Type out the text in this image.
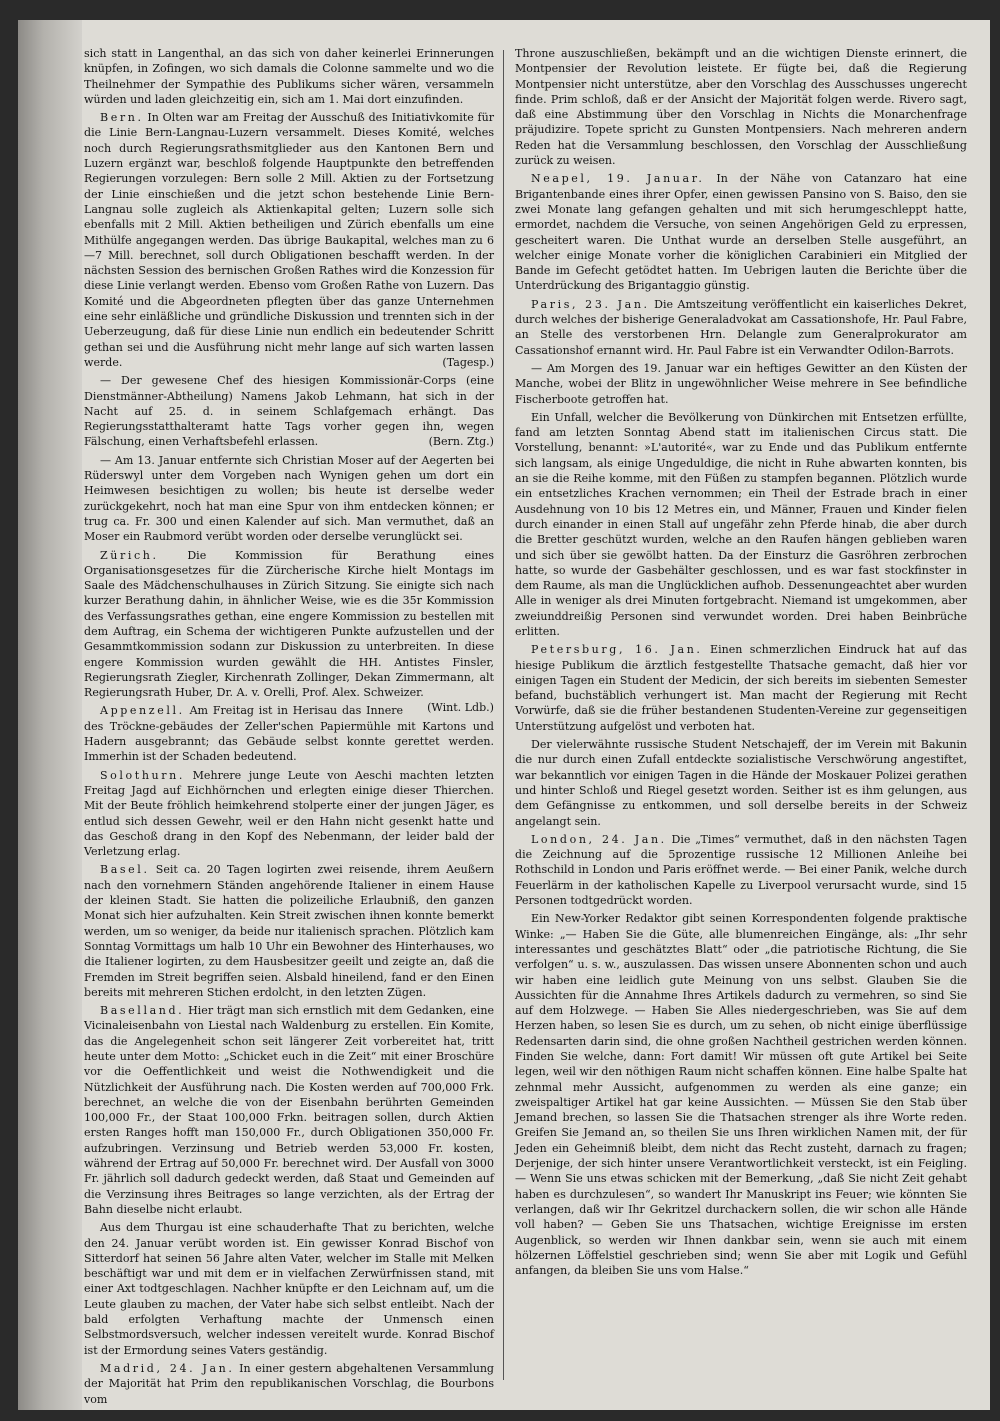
sich statt in Langenthal, an das sich von daher keinerlei Erinnerungen knüpfen, in Zofingen, wo sich damals die Colonne sammelte und wo die Theilnehmer der Sympathie des Publikums sicher wären, versammeln würden und laden gleichzeitig ein, sich am 1. Mai dort einzufinden.

Bern. In Olten war am Freitag der Ausschuß des Initiativkomite für die Linie Bern-Langnau-Luzern versammelt. Dieses Komité, welches noch durch Regierungsrathsmitglieder aus den Kantonen Bern und Luzern ergänzt war, beschloß folgende Hauptpunkte den betreffenden Regierungen vorzulegen: Bern solle 2 Mill. Aktien zu der Fortsetzung der Linie einschießen und die jetzt schon bestehende Linie Bern-Langnau solle zugleich als Aktienkapital gelten; Luzern solle sich ebenfalls mit 2 Mill. Aktien betheiligen und Zürich ebenfalls um eine Mithülfe angegangen werden. Das übrige Baukapital, welches man zu 6—7 Mill. berechnet, soll durch Obligationen beschafft werden. In der nächsten Session des bernischen Großen Rathes wird die Konzession für diese Linie verlangt werden. Ebenso vom Großen Rathe von Luzern. Das Komité und die Abgeordneten pflegten über das ganze Unternehmen eine sehr einläßliche und gründliche Diskussion und trennten sich in der Ueberzeugung, daß für diese Linie nun endlich ein bedeutender Schritt gethan sei und die Ausführung nicht mehr lange auf sich warten lassen werde.	(Tagesp.)

— Der gewesene Chef des hiesigen Kommissionär-Corps (eine Dienstmänner-Abtheilung) Namens Jakob Lehmann, hat sich in der Nacht auf 25. d. in seinem Schlafgemach erhängt. Das Regierungsstatthalteramt hatte Tags vorher gegen ihn, wegen Fälschung, einen Verhaftsbefehl erlassen.	(Bern. Ztg.)

— Am 13. Januar entfernte sich Christian Moser auf der Aegerten bei Rüderswyl unter dem Vorgeben nach Wynigen gehen um dort ein Heimwesen besichtigen zu wollen; bis heute ist derselbe weder zurückgekehrt, noch hat man eine Spur von ihm entdecken können; er trug ca. Fr. 300 und einen Kalender auf sich. Man vermuthet, daß an Moser ein Raubmord verübt worden oder derselbe verunglückt sei.

Zürich.	Die Kommission für Berathung eines Organisationsgesetzes für die Zürcherische Kirche hielt Montags im Saale des Mädchenschulhauses in Zürich Sitzung. Sie einigte sich nach kurzer Berathung dahin, in ähnlicher Weise, wie es die 35r Kommission des Verfassungsrathes gethan, eine engere Kommission zu bestellen mit dem Auftrag, ein Schema der wichtigeren Punkte aufzustellen und der Gesammtkommission sodann zur Diskussion zu unterbreiten. In diese engere Kommission wurden gewählt die HH. Antistes Finsler, Regierungsrath Ziegler, Kirchenrath Zollinger, Dekan Zimmermann, alt Regierungsrath Huber, Dr. A. v. Orelli, Prof. Alex. Schweizer.
(Wint. Ldb.)

Appenzell. Am Freitag ist in Herisau das Innere des Tröckne-gebäudes der Zeller'schen Papiermühle mit Kartons und Hadern ausgebrannt; das Gebäude selbst konnte gerettet werden. Immerhin ist der Schaden bedeutend.

Solothurn. Mehrere junge Leute von Aeschi machten letzten Freitag Jagd auf Eichhörnchen und erlegten einige dieser Thierchen. Mit der Beute fröhlich heimkehrend stolperte einer der jungen Jäger, es entlud sich dessen Gewehr, weil er den Hahn nicht gesenkt hatte und das Geschoß drang in den Kopf des Nebenmann, der leider bald der Verletzung erlag.

Basel. Seit ca. 20 Tagen logirten zwei reisende, ihrem Aeußern nach den vornehmern Ständen angehörende Italiener in einem Hause der kleinen Stadt. Sie hatten die polizeiliche Erlaubniß, den ganzen Monat sich hier aufzuhalten. Kein Streit zwischen ihnen konnte bemerkt werden, um so weniger, da beide nur italienisch sprachen. Plötzlich kam Sonntag Vormittags um halb 10 Uhr ein Bewohner des Hinterhauses, wo die Italiener logirten, zu dem Hausbesitzer geeilt und zeigte an, daß die Fremden im Streit begriffen seien. Alsbald hineilend, fand er den Einen bereits mit mehreren Stichen erdolcht, in den letzten Zügen.

Baselland. Hier trägt man sich ernstlich mit dem Gedanken, eine Vicinaleisenbahn von Liestal nach Waldenburg zu erstellen. Ein Komite, das die Angelegenheit schon seit längerer Zeit vorbereitet hat, tritt heute unter dem Motto: „Schicket euch in die Zeit“ mit einer Broschüre vor die Oeffentlichkeit und weist die Nothwendigkeit und die Nützlichkeit der Ausführung nach. Die Kosten werden auf 700,000 Frk. berechnet, an welche die von der Eisenbahn berührten Gemeinden 100,000 Fr., der Staat 100,000 Frkn. beitragen sollen, durch Aktien ersten Ranges hofft man 150,000 Fr., durch Obligationen 350,000 Fr. aufzubringen. Verzinsung und Betrieb werden 53,000 Fr. kosten, während der Ertrag auf 50,000 Fr. berechnet wird. Der Ausfall von 3000 Fr. jährlich soll dadurch gedeckt werden, daß Staat und Gemeinden auf die Verzinsung ihres Beitrages so lange verzichten, als der Ertrag der Bahn dieselbe nicht erlaubt.

Aus dem Thurgau ist eine schauderhafte That zu berichten, welche den 24. Januar verübt worden ist. Ein gewisser Konrad Bischof von Sitterdorf hat seinen 56 Jahre alten Vater, welcher im Stalle mit Melken beschäftigt war und mit dem er in vielfachen Zerwürfnissen stand, mit einer Axt todtgeschlagen. Nachher knüpfte er den Leichnam auf, um die Leute glauben zu machen, der Vater habe sich selbst entleibt. Nach der bald erfolgten Verhaftung machte der Unmensch einen Selbstmordsversuch, welcher indessen vereitelt wurde. Konrad Bischof ist der Ermordung seines Vaters geständig.

Madrid, 24. Jan. In einer gestern abgehaltenen Versammlung der Majorität hat Prim den republikanischen Vorschlag, die Bourbons vom

Throne auszuschließen, bekämpft und an die wichtigen Dienste erinnert, die Montpensier der Revolution leistete. Er fügte bei, daß die Regierung Montpensier nicht unterstütze, aber den Vorschlag des Ausschusses ungerecht finde. Prim schloß, daß er der Ansicht der Majorität folgen werde. Rivero sagt, daß eine Abstimmung über den Vorschlag in Nichts die Monarchenfrage präjudizire. Topete spricht zu Gunsten Montpensiers. Nach mehreren andern Reden hat die Versammlung beschlossen, den Vorschlag der Ausschließung zurück zu weisen.

Neapel, 19. Januar. In der Nähe von Catanzaro hat eine Brigantenbande eines ihrer Opfer, einen gewissen Pansino von S. Baiso, den sie zwei Monate lang gefangen gehalten und mit sich herumgeschleppt hatte, ermordet, nachdem die Versuche, von seinen Angehörigen Geld zu erpressen, gescheitert waren. Die Unthat wurde an derselben Stelle ausgeführt, an welcher einige Monate vorher die königlichen Carabinieri ein Mitglied der Bande im Gefecht getödtet hatten. Im Uebrigen lauten die Berichte über die Unterdrückung des Brigantaggio günstig.

Paris, 23. Jan. Die Amtszeitung veröffentlicht ein kaiserliches Dekret, durch welches der bisherige Generaladvokat am Cassationshofe, Hr. Paul Fabre, an Stelle des verstorbenen Hrn. Delangle zum Generalprokurator am Cassationshof ernannt wird. Hr. Paul Fabre ist ein Verwandter Odilon-Barrots.

— Am Morgen des 19. Januar war ein heftiges Gewitter an den Küsten der Manche, wobei der Blitz in ungewöhnlicher Weise mehrere in See befindliche Fischerboote getroffen hat.

Ein Unfall, welcher die Bevölkerung von Dünkirchen mit Entsetzen erfüllte, fand am letzten Sonntag Abend statt im italienischen Circus statt. Die Vorstellung, benannt: »L'autorité«, war zu Ende und das Publikum entfernte sich langsam, als einige Ungeduldige, die nicht in Ruhe abwarten konnten, bis an sie die Reihe komme, mit den Füßen zu stampfen begannen. Plötzlich wurde ein entsetzliches Krachen vernommen; ein Theil der Estrade brach in einer Ausdehnung von 10 bis 12 Metres ein, und Männer, Frauen und Kinder fielen durch einander in einen Stall auf ungefähr zehn Pferde hinab, die aber durch die Bretter geschützt wurden, welche an den Raufen hängen geblieben waren und sich über sie gewölbt hatten. Da der Einsturz die Gasröhren zerbrochen hatte, so wurde der Gasbehälter geschlossen, und es war fast stockfinster in dem Raume, als man die Unglücklichen aufhob. Dessenungeachtet aber wurden Alle in weniger als drei Minuten fortgebracht. Niemand ist umgekommen, aber zweiunddreißig Personen sind verwundet worden. Drei haben Beinbrüche erlitten.

Petersburg, 16. Jan. Einen schmerzlichen Eindruck hat auf das hiesige Publikum die ärztlich festgestellte Thatsache gemacht, daß hier vor einigen Tagen ein Student der Medicin, der sich bereits im siebenten Semester befand, buchstäblich verhungert ist. Man macht der Regierung mit Recht Vorwürfe, daß sie die früher bestandenen Studenten-Vereine zur gegenseitigen Unterstützung aufgelöst und verboten hat.

Der vielerwähnte russische Student Netschajeff, der im Verein mit Bakunin die nur durch einen Zufall entdeckte sozialistische Verschwörung angestiftet, war bekanntlich vor einigen Tagen in die Hände der Moskauer Polizei gerathen und hinter Schloß und Riegel gesetzt worden. Seither ist es ihm gelungen, aus dem Gefängnisse zu entkommen, und soll derselbe bereits in der Schweiz angelangt sein.

London, 24. Jan. Die „Times“ vermuthet, daß in den nächsten Tagen die Zeichnung auf die 5prozentige russische 12 Millionen Anleihe bei Rothschild in London und Paris eröffnet werde. — Bei einer Panik, welche durch Feuerlärm in der katholischen Kapelle zu Liverpool verursacht wurde, sind 15 Personen todtgedrückt worden.

Ein New-Yorker Redaktor gibt seinen Korrespondenten folgende praktische Winke: „— Haben Sie die Güte, alle blumenreichen Eingänge, als: „Ihr sehr interessantes und geschätztes Blatt“ oder „die patriotische Richtung, die Sie verfolgen“ u. s. w., auszulassen. Das wissen unsere Abonnenten schon und auch wir haben eine leidlich gute Meinung von uns selbst. Glauben Sie die Aussichten für die Annahme Ihres Artikels dadurch zu vermehren, so sind Sie auf dem Holzwege. — Haben Sie Alles niedergeschrieben, was Sie auf dem Herzen haben, so lesen Sie es durch, um zu sehen, ob nicht einige überflüssige Redensarten darin sind, die ohne großen Nachtheil gestrichen werden können. Finden Sie welche, dann: Fort damit! Wir müssen oft gute Artikel bei Seite legen, weil wir den nöthigen Raum nicht schaffen können. Eine halbe Spalte hat zehnmal mehr Aussicht, aufgenommen zu werden als eine ganze; ein zweispaltiger Artikel hat gar keine Aussichten. — Müssen Sie den Stab über Jemand brechen, so lassen Sie die Thatsachen strenger als ihre Worte reden. Greifen Sie Jemand an, so theilen Sie uns Ihren wirklichen Namen mit, der für Jeden ein Geheimniß bleibt, dem nicht das Recht zusteht, darnach zu fragen; Derjenige, der sich hinter unsere Verantwortlichkeit versteckt, ist ein Feigling. — Wenn Sie uns etwas schicken mit der Bemerkung, „daß Sie nicht Zeit gehabt haben es durchzulesen“, so wandert Ihr Manuskript ins Feuer; wie könnten Sie verlangen, daß wir Ihr Gekritzel durchackern sollen, die wir schon alle Hände voll haben? — Geben Sie uns Thatsachen, wichtige Ereignisse im ersten Augenblick, so werden wir Ihnen dankbar sein, wenn sie auch mit einem hölzernen Löffelstiel geschrieben sind; wenn Sie aber mit Logik und Gefühl anfangen, da bleiben Sie uns vom Halse.“
